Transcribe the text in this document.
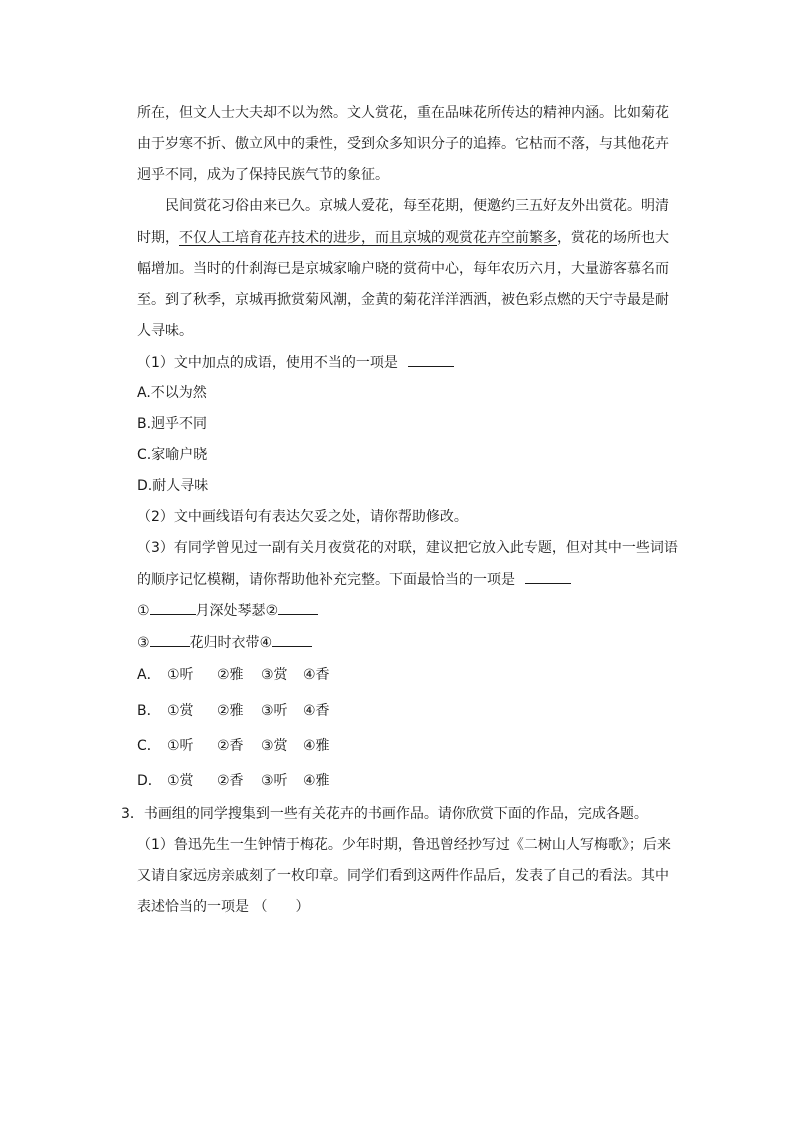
所在，但文人士大夫却不以为然。文人赏花，重在品味花所传达的精神内涵。比如菊花
由于岁寒不折、傲立风中的秉性，受到众多知识分子的追捧。它枯而不落，与其他花卉
迥乎不同，成为了保持民族气节的象征。
民间赏花习俗由来已久。京城人爱花，每至花期，便邀约三五好友外出赏花。明清
时期，不仅人工培育花卉技术的进步，而且京城的观赏花卉空前繁多，赏花的场所也大
幅增加。当时的什刹海已是京城家喻户晓的赏荷中心，每年农历六月，大量游客慕名而
至。到了秋季，京城再掀赏菊风潮，金黄的菊花洋洋洒洒，被色彩点燃的天宁寺最是耐
人寻味。
（1）文中加点的成语，使用不当的一项是
A.不以为然
B.迥乎不同
C.家喻户晓
D.耐人寻味
（2）文中画线语句有表达欠妥之处，请你帮助修改。
（3）有同学曾见过一副有关月夜赏花的对联，建议把它放入此专题，但对其中一些词语
的顺序记忆模糊，请你帮助他补充完整。下面最恰当的一项是
①	月深处琴瑟②
③	花归时衣带④
A． ①听 ②雅 ③赏 ④香
B． ①赏 ②雅 ③听 ④香
C． ①听 ②香 ③赏 ④雅
D． ①赏 ②香 ③听 ④雅
3．书画组的同学搜集到一些有关花卉的书画作品。请你欣赏下面的作品，完成各题。
（1）鲁迅先生一生钟情于梅花。少年时期，鲁迅曾经抄写过《二树山人写梅歌》；后来
又请自家远房亲戚刻了一枚印章。同学们看到这两件作品后，发表了自己的看法。其中
表述恰当的一项是 （　　）
